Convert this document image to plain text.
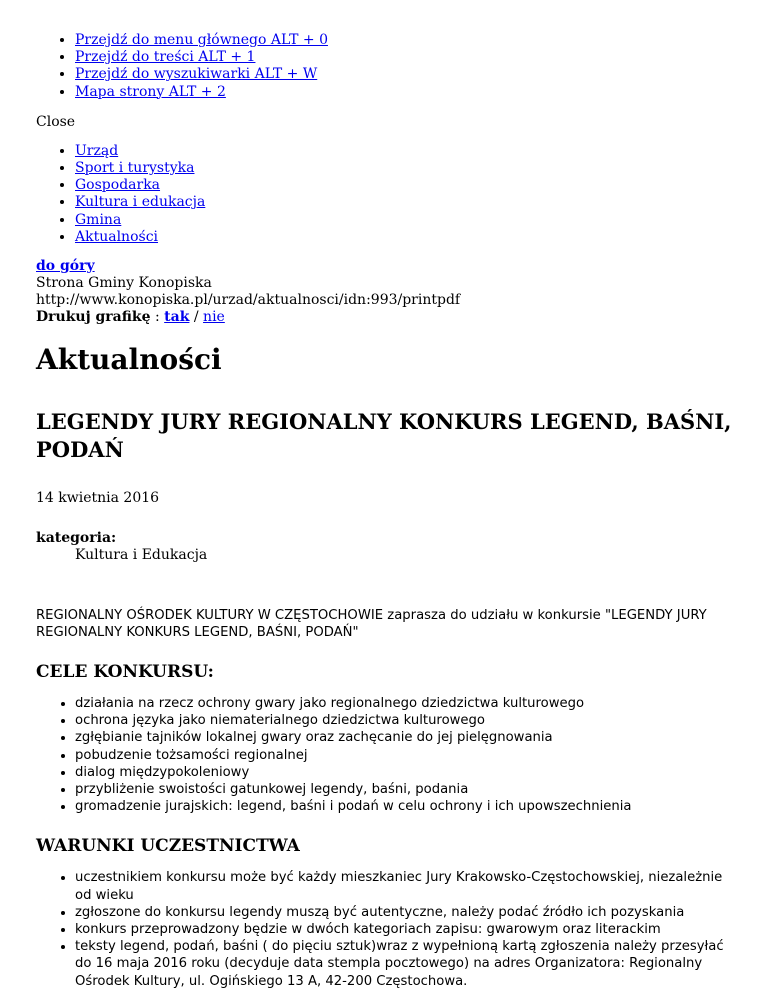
• Przejdź do menu głównego ALT + 0
• Przejdź do treści ALT + 1
• Przejdź do wyszukiwarki ALT + W
• Mapa strony ALT + 2
Close
• Urząd
• Sport i turystyka
• Gospodarka
• Kultura i edukacja
• Gmina
• Aktualności
do góry
Strona Gminy Konopiska
http://www.konopiska.pl/urzad/aktualnosci/idn:993/printpdf
Drukuj grafikę : tak / nie
Aktualności
LEGENDY JURY REGIONALNY KONKURS LEGEND, BAŚNI, PODAŃ
14 kwietnia 2016
kategoria:
Kultura i Edukacja

REGIONALNY OŚRODEK KULTURY W CZĘSTOCHOWIE zaprasza do udziału w konkursie "LEGENDY JURY REGIONALNY KONKURS LEGEND, BAŚNI, PODAŃ"

CELE KONKURSU:
• działania na rzecz ochrony gwary jako regionalnego dziedzictwa kulturowego
• ochrona języka jako niematerialnego dziedzictwa kulturowego
• zgłębianie tajników lokalnej gwary oraz zachęcanie do jej pielęgnowania
• pobudzenie tożsamości regionalnej
• dialog międzypokoleniowy
• przybliżenie swoistości gatunkowej legendy, baśni, podania
• gromadzenie jurajskich: legend, baśni i podań w celu ochrony i ich upowszechnienia
WARUNKI UCZESTNICTWA
• uczestnikiem konkursu może być każdy mieszkaniec Jury Krakowsko-Częstochowskiej, niezależnie od wieku
• zgłoszone do konkursu legendy muszą być autentyczne, należy podać źródło ich pozyskania
• konkurs przeprowadzony będzie w dwóch kategoriach zapisu: gwarowym oraz literackim
• teksty legend, podań, baśni ( do pięciu sztuk)wraz z wypełnioną kartą zgłoszenia należy przesyłać do 16 maja 2016 roku (decyduje data stempla pocztowego) na adres Organizatora: Regionalny Ośrodek Kultury, ul. Ogińskiego 13 A, 42-200 Częstochowa.
